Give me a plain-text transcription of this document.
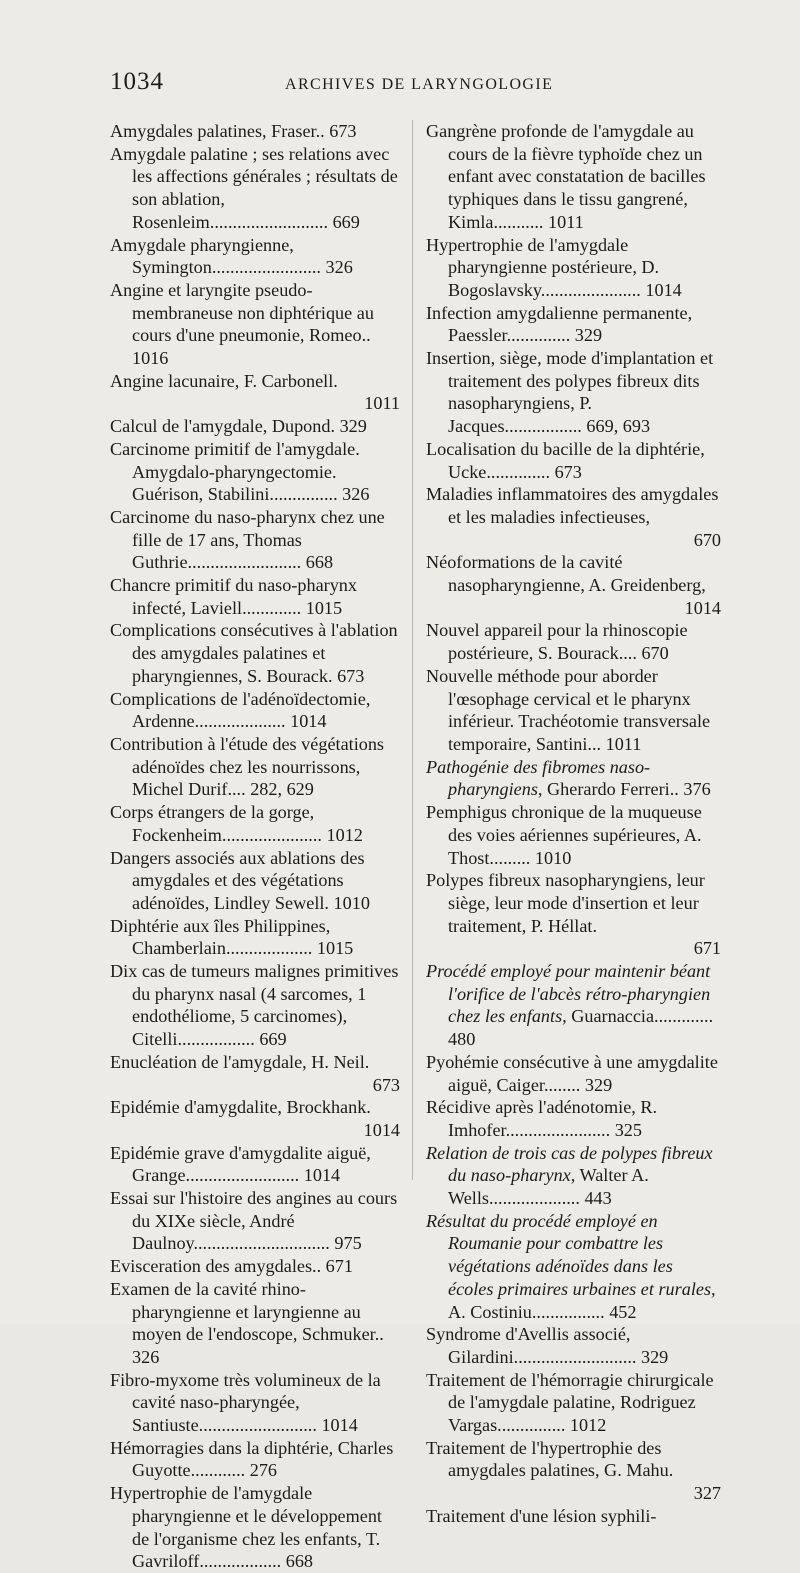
1034	ARCHIVES DE LARYNGOLOGIE

Amygdales palatines, Fraser.. 673

Amygdale palatine ; ses relations avec les affections générales ; résultats de son ablation, Rosenleim.......................... 669

Amygdale pharyngienne, Symington........................ 326

Angine et laryngite pseudo-membraneuse non diphtérique au cours d'une pneumonie, Romeo.. 1016

Angine lacunaire, F. Carbonell.
1011

Calcul de l'amygdale, Dupond. 329

Carcinome primitif de l'amygdale. Amygdalo-pharyngectomie. Guérison, Stabilini............... 326

Carcinome du naso-pharynx chez une fille de 17 ans, Thomas Guthrie......................... 668

Chancre primitif du naso-pharynx infecté, Laviell............. 1015

Complications consécutives à l'ablation des amygdales palatines et pharyngiennes, S. Bourack. 673

Complications de l'adénoïdectomie, Ardenne.................... 1014

Contribution à l'étude des végétations adénoïdes chez les nourrissons, Michel Durif.... 282, 629

Corps étrangers de la gorge, Fockenheim...................... 1012

Dangers associés aux ablations des amygdales et des végétations adénoïdes, Lindley Sewell. 1010

Diphtérie aux îles Philippines, Chamberlain................... 1015

Dix cas de tumeurs malignes primitives du pharynx nasal (4 sarcomes, 1 endothéliome, 5 carcinomes), Citelli................. 669

Enucléation de l'amygdale, H. Neil.
673

Epidémie d'amygdalite, Brockhank.
1014

Epidémie grave d'amygdalite aiguë, Grange......................... 1014

Essai sur l'histoire des angines au cours du XIXe siècle, André Daulnoy.............................. 975

Evisceration des amygdales.. 671

Examen de la cavité rhino-pharyngienne et laryngienne au moyen de l'endoscope, Schmuker.. 326

Fibro-myxome très volumineux de la cavité naso-pharyngée, Santiuste.......................... 1014

Hémorragies dans la diphtérie, Charles Guyotte............ 276

Hypertrophie de l'amygdale pharyngienne et le développement de l'organisme chez les enfants, T. Gavriloff.................. 668

Gangrène profonde de l'amygdale au cours de la fièvre typhoïde chez un enfant avec constatation de bacilles typhiques dans le tissu gangrené, Kimla........... 1011

Hypertrophie de l'amygdale pharyngienne postérieure, D. Bogoslavsky...................... 1014

Infection amygdalienne permanente, Paessler.............. 329

Insertion, siège, mode d'implantation et traitement des polypes fibreux dits nasopharyngiens, P. Jacques................. 669, 693

Localisation du bacille de la diphtérie, Ucke.............. 673

Maladies inflammatoires des amygdales et les maladies infectieuses,
670

Néoformations de la cavité nasopharyngienne, A. Greidenberg,
1014

Nouvel appareil pour la rhinoscopie postérieure, S. Bourack.... 670

Nouvelle méthode pour aborder l'œsophage cervical et le pharynx inférieur. Trachéotomie transversale temporaire, Santini... 1011

Pathogénie des fibromes naso-pharyngiens, Gherardo Ferreri.. 376

Pemphigus chronique de la muqueuse des voies aériennes supérieures, A. Thost......... 1010

Polypes fibreux nasopharyngiens, leur siège, leur mode d'insertion et leur traitement, P. Héllat.
671

Procédé employé pour maintenir béant l'orifice de l'abcès rétro-pharyngien chez les enfants, Guarnaccia............. 480

Pyohémie consécutive à une amygdalite aiguë, Caiger........ 329

Récidive après l'adénotomie, R. Imhofer....................... 325

Relation de trois cas de polypes fibreux du naso-pharynx, Walter A. Wells.................... 443

Résultat du procédé employé en Roumanie pour combattre les végétations adénoïdes dans les écoles primaires urbaines et rurales, A. Costiniu................ 452

Syndrome d'Avellis associé, Gilardini........................... 329

Traitement de l'hémorragie chirurgicale de l'amygdale palatine, Rodriguez Vargas............... 1012

Traitement de l'hypertrophie des amygdales palatines, G. Mahu.
327

Traitement d'une lésion syphili-
